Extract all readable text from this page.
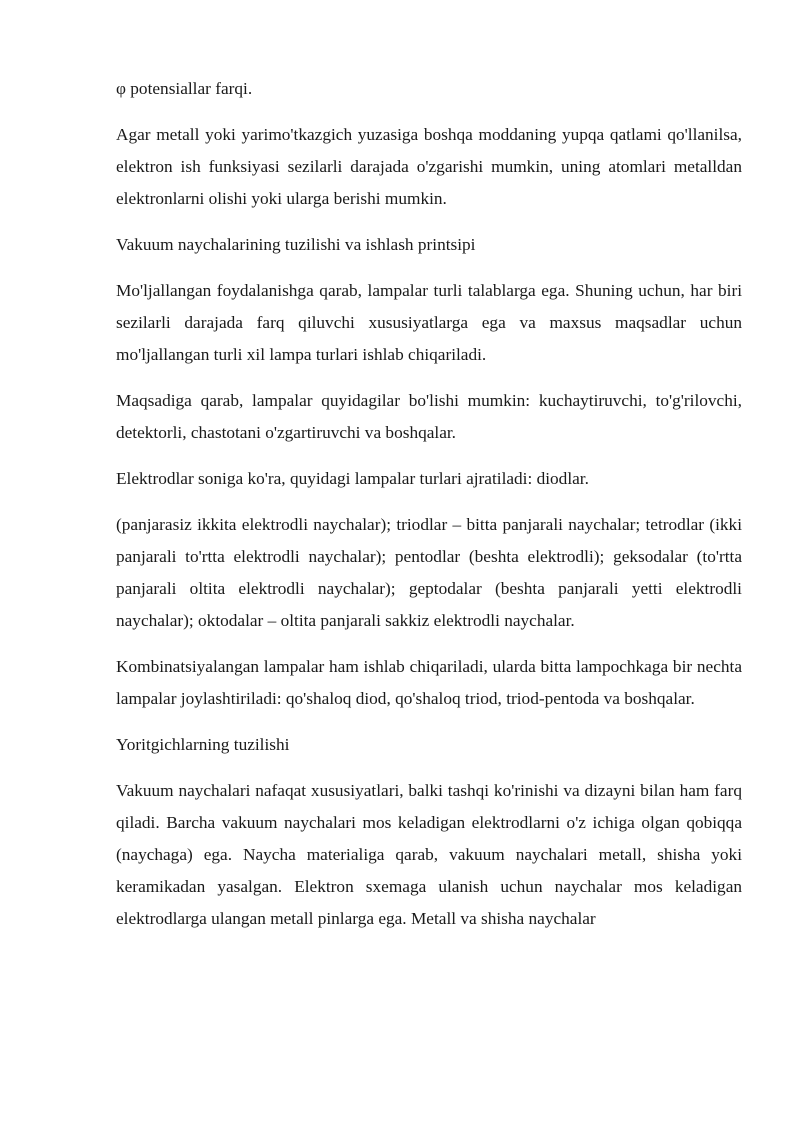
φ potensiallar farqi.

Agar metall yoki yarimo'tkazgich yuzasiga boshqa moddaning yupqa qatlami qo'llanilsa, elektron ish funksiyasi sezilarli darajada o'zgarishi mumkin, uning atomlari metalldan elektronlarni olishi yoki ularga berishi mumkin.

Vakuum naychalarining tuzilishi va ishlash printsipi

Mo'ljallangan foydalanishga qarab, lampalar turli talablarga ega. Shuning uchun, har biri sezilarli darajada farq qiluvchi xususiyatlarga ega va maxsus maqsadlar uchun mo'ljallangan turli xil lampa turlari ishlab chiqariladi.

Maqsadiga qarab, lampalar quyidagilar bo'lishi mumkin: kuchaytiruvchi, to'g'rilovchi, detektorli, chastotani o'zgartiruvchi va boshqalar.

Elektrodlar soniga ko'ra, quyidagi lampalar turlari ajratiladi: diodlar.

(panjarasiz ikkita elektrodli naychalar); triodlar – bitta panjarali naychalar; tetrodlar (ikki panjarali to'rtta elektrodli naychalar); pentodlar (beshta elektrodli); geksodalar (to'rtta panjarali oltita elektrodli naychalar); geptodalar (beshta panjarali yetti elektrodli naychalar); oktodalar – oltita panjarali sakkiz elektrodli naychalar.

Kombinatsiyalangan lampalar ham ishlab chiqariladi, ularda bitta lampochkaga bir nechta lampalar joylashtiriladi: qo'shaloq diod, qo'shaloq triod, triod-pentoda va boshqalar.

Yoritgichlarning tuzilishi

Vakuum naychalari nafaqat xususiyatlari, balki tashqi ko'rinishi va dizayni bilan ham farq qiladi. Barcha vakuum naychalari mos keladigan elektrodlarni o'z ichiga olgan qobiqqa (naychaga) ega. Naycha materialiga qarab, vakuum naychalari metall, shisha yoki keramikadan yasalgan. Elektron sxemaga ulanish uchun naychalar mos keladigan elektrodlarga ulangan metall pinlarga ega. Metall va shisha naychalar
